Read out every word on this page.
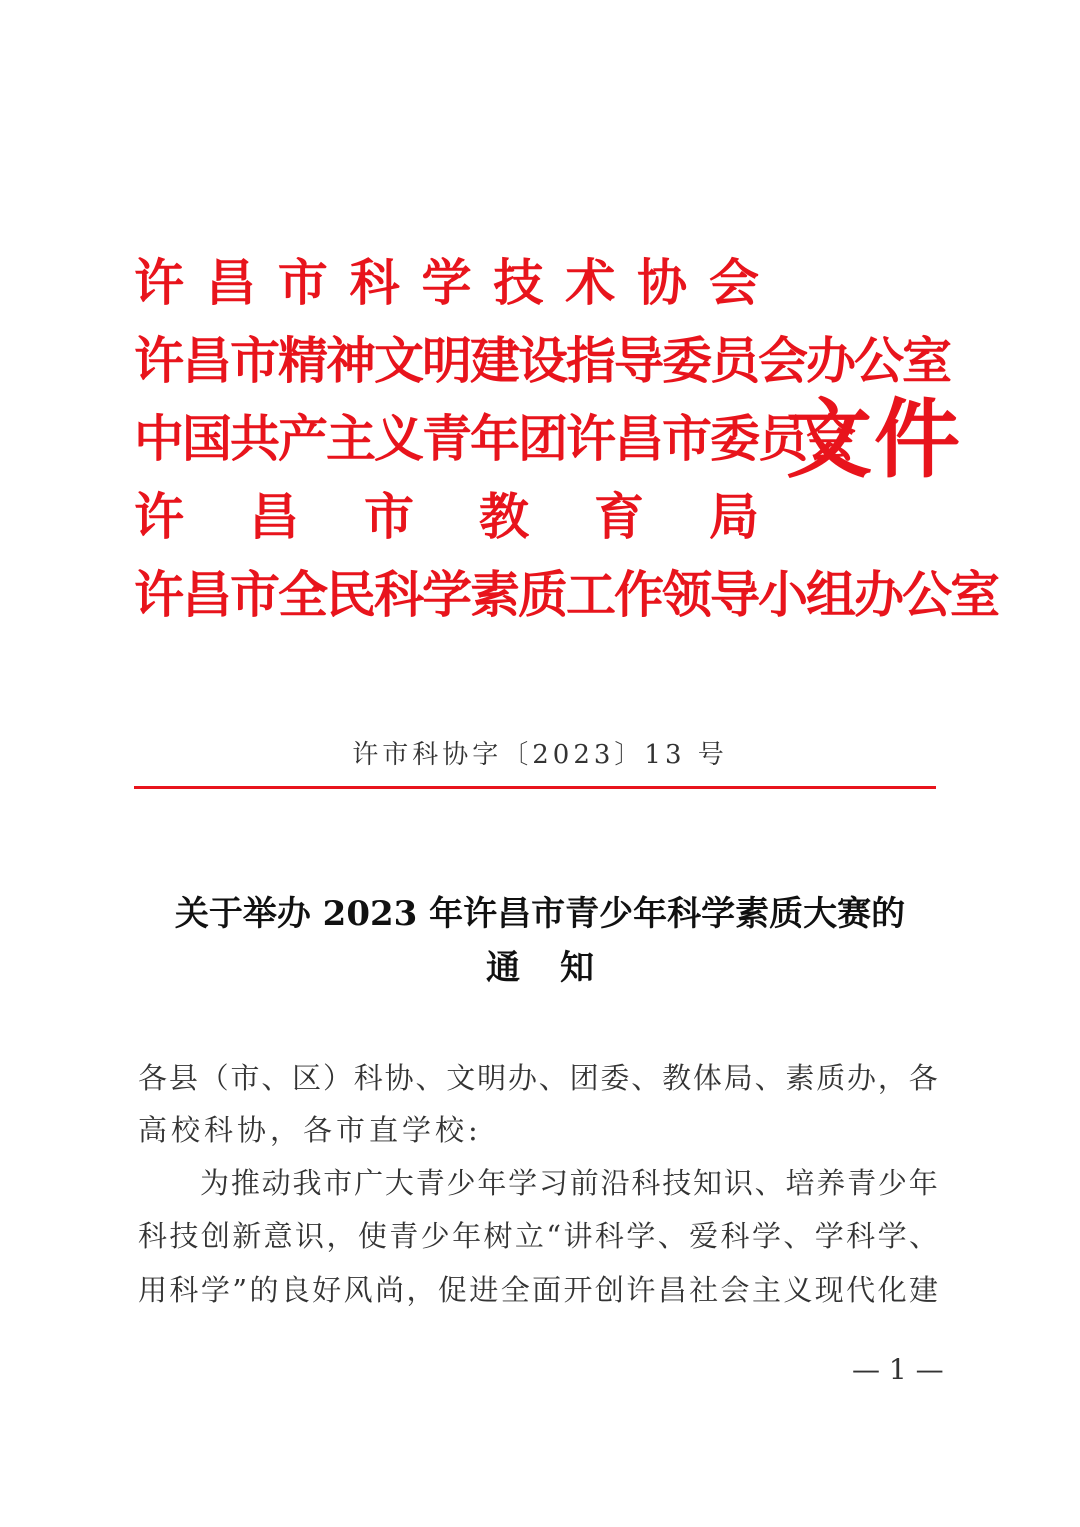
许 昌 市 科 学 技 术 协 会
许昌市精神文明建设指导委员会办公室
中国共产主义青年团许昌市委员会
许 昌 市 教 育 局
许昌市全民科学素质工作领导小组办公室
文件
许市科协字〔2023〕13 号
关于举办 2023 年许昌市青少年科学素质大赛的
通知
各 县 （ 市 、 区 ） 科 协 、 文 明 办 、 团 委 、 教 体 局 、 素 质 办 ， 各
高校科协，各市直学校:
为 推 动 我 市 广 大 青 少 年 学 习 前 沿 科 技 知 识 、 培 养 青 少 年
科 技 创 新 意 识 ， 使 青 少 年 树 立 “ 讲 科 学 、 爱 科 学 、 学 科 学 、
用 科 学 ” 的 良 好 风 尚 ， 促 进 全 面 开 创 许 昌 社 会 主 义 现 代 化 建
— 1 —
